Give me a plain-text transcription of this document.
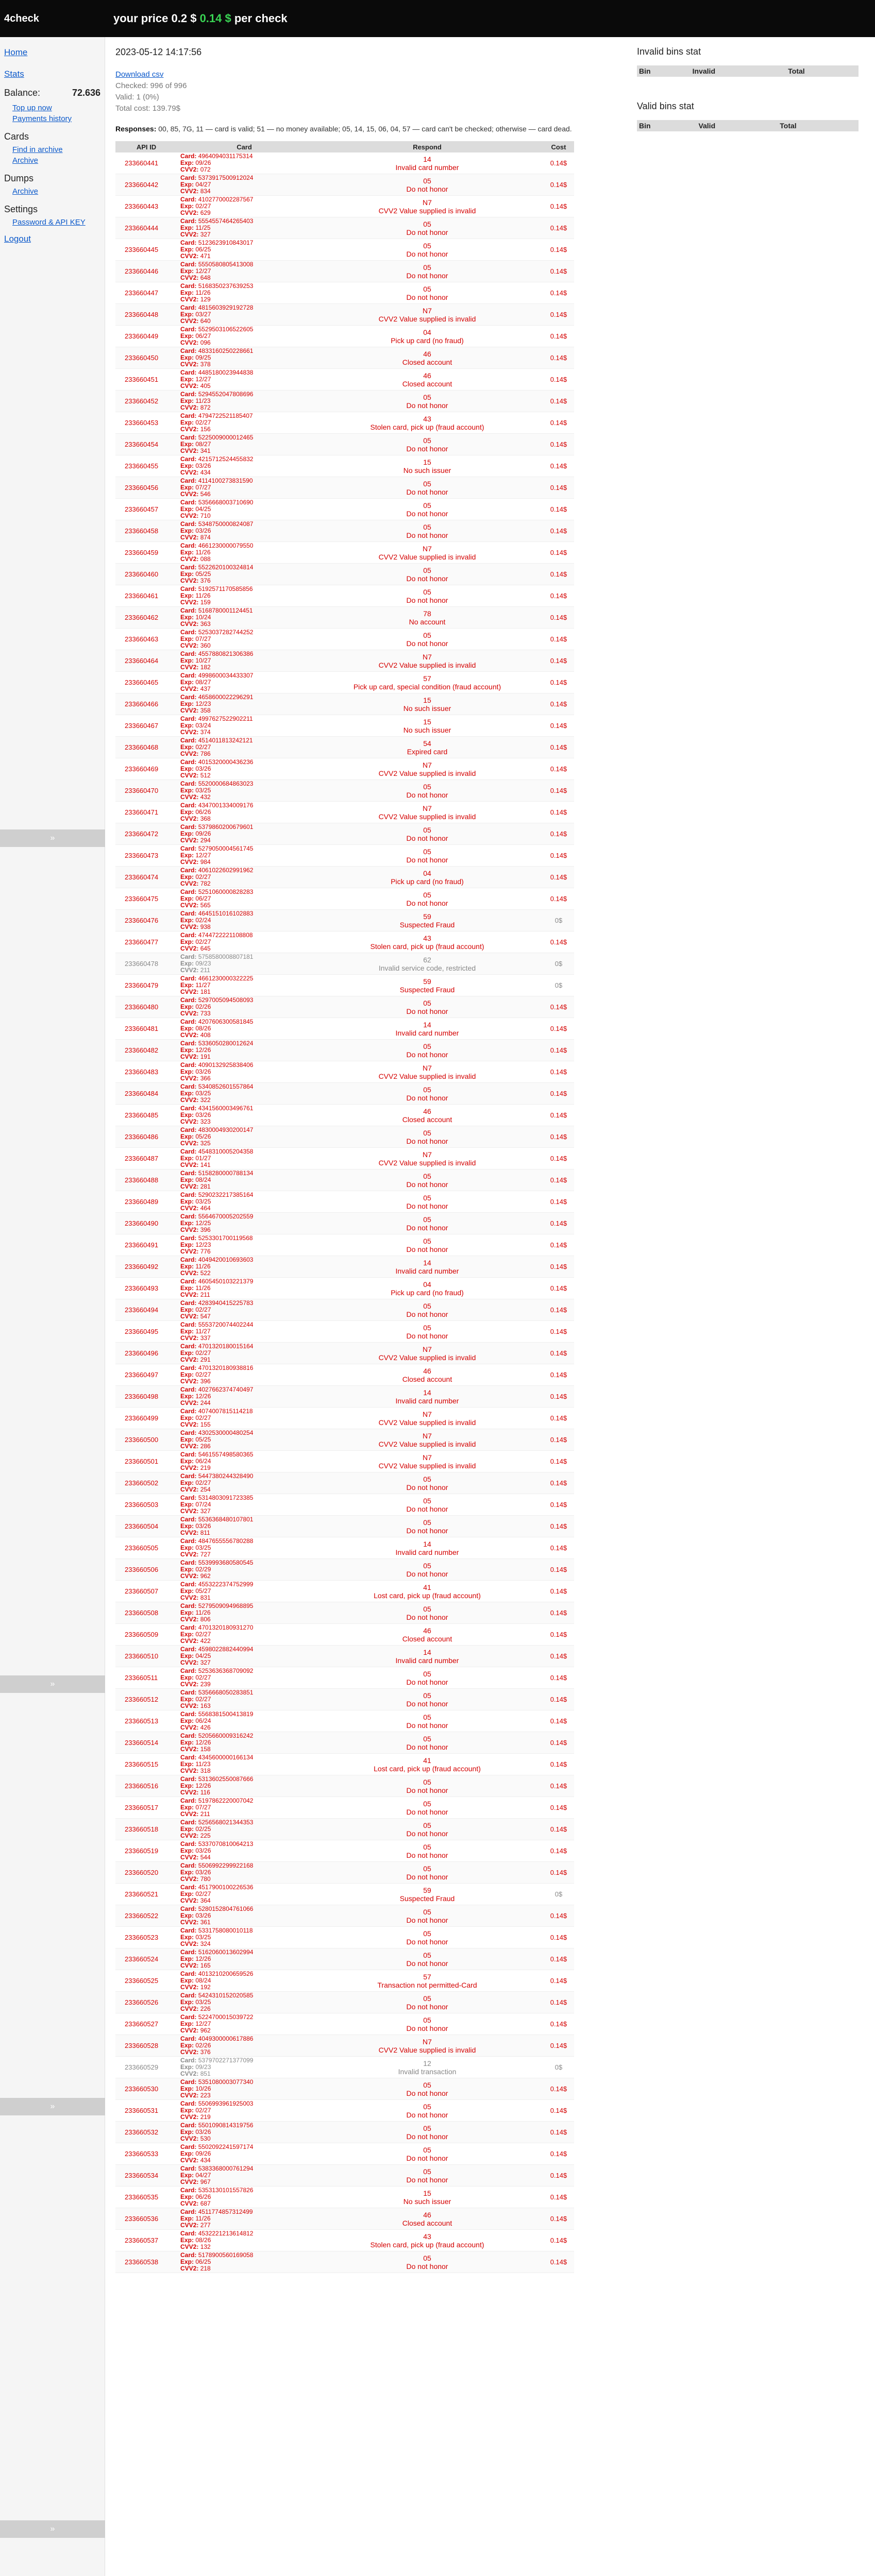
4check	your price 0.2 $ 0.14 $ per check
Home
Stats
Balance:	72.636
Top up now
Payments history
Cards
Find in archive
Archive
Dumps
Archive
Settings
Password & API KEY
Logout
»
»
»
»
2023-05-12 14:17:56
Download csv
Checked: 996 of 996
Valid: 1 (0%)
Total cost: 139.79$
Responses: 00, 85, 7G, 11 — card is valid; 51 — no money available; 05, 14, 15, 06, 04, 57 — card can't be checked; otherwise — card dead.
API ID	Card	Respond	Cost
233660441	Card: 4964094031175314
Exp: 09/26
CVV2: 072	14
Invalid card number	0.14$
233660442	Card: 5373917500912024
Exp: 04/27
CVV2: 834	05
Do not honor	0.14$
233660443	Card: 4102770002287567
Exp: 02/27
CVV2: 629	N7
CVV2 Value supplied is invalid	0.14$
233660444	Card: 5554557464265403
Exp: 11/25
CVV2: 327	05
Do not honor	0.14$
233660445	Card: 5123623910843017
Exp: 06/25
CVV2: 471	05
Do not honor	0.14$
233660446	Card: 5550580805413008
Exp: 12/27
CVV2: 648	05
Do not honor	0.14$
233660447	Card: 5168350237639253
Exp: 11/26
CVV2: 129	05
Do not honor	0.14$
233660448	Card: 4815603929192728
Exp: 03/27
CVV2: 640	N7
CVV2 Value supplied is invalid	0.14$
233660449	Card: 5529503106522605
Exp: 06/27
CVV2: 096	04
Pick up card (no fraud)	0.14$
233660450	Card: 4833160250228661
Exp: 09/25
CVV2: 378	46
Closed account	0.14$
233660451	Card: 4485180023944838
Exp: 12/27
CVV2: 405	46
Closed account	0.14$
233660452	Card: 5294552047808696
Exp: 11/23
CVV2: 872	05
Do not honor	0.14$
233660453	Card: 4794722521185407
Exp: 02/27
CVV2: 156	43
Stolen card, pick up (fraud account)	0.14$
233660454	Card: 5225009000012465
Exp: 08/27
CVV2: 341	05
Do not honor	0.14$
233660455	Card: 4215712524455832
Exp: 03/26
CVV2: 434	15
No such issuer	0.14$
233660456	Card: 4114100273831590
Exp: 07/27
CVV2: 546	05
Do not honor	0.14$
233660457	Card: 5356668003710690
Exp: 04/25
CVV2: 710	05
Do not honor	0.14$
233660458	Card: 5348750000824087
Exp: 03/26
CVV2: 874	05
Do not honor	0.14$
233660459	Card: 4661230000079550
Exp: 11/26
CVV2: 088	N7
CVV2 Value supplied is invalid	0.14$
233660460	Card: 5522620100324814
Exp: 05/25
CVV2: 376	05
Do not honor	0.14$
233660461	Card: 5192571170585856
Exp: 11/26
CVV2: 159	05
Do not honor	0.14$
233660462	Card: 5168780001124451
Exp: 10/24
CVV2: 363	78
No account	0.14$
233660463	Card: 5253037282744252
Exp: 07/27
CVV2: 360	05
Do not honor	0.14$
233660464	Card: 4557880821306386
Exp: 10/27
CVV2: 182	N7
CVV2 Value supplied is invalid	0.14$
233660465	Card: 4998600034433307
Exp: 08/27
CVV2: 437	57
Pick up card, special condition (fraud account)	0.14$
233660466	Card: 4658600022296291
Exp: 12/23
CVV2: 358	15
No such issuer	0.14$
233660467	Card: 4997627522902211
Exp: 03/24
CVV2: 374	15
No such issuer	0.14$
233660468	Card: 4514011813242121
Exp: 02/27
CVV2: 786	54
Expired card	0.14$
233660469	Card: 4015320000436236
Exp: 03/26
CVV2: 512	N7
CVV2 Value supplied is invalid	0.14$
233660470	Card: 5520000684863023
Exp: 03/25
CVV2: 432	05
Do not honor	0.14$
233660471	Card: 4347001334009176
Exp: 06/26
CVV2: 368	N7
CVV2 Value supplied is invalid	0.14$
233660472	Card: 5379860200679601
Exp: 09/26
CVV2: 294	05
Do not honor	0.14$
233660473	Card: 5279050004561745
Exp: 12/27
CVV2: 984	05
Do not honor	0.14$
233660474	Card: 4061022602991962
Exp: 02/27
CVV2: 782	04
Pick up card (no fraud)	0.14$
233660475	Card: 5251060000828283
Exp: 06/27
CVV2: 565	05
Do not honor	0.14$
233660476	Card: 4645151016102883
Exp: 02/24
CVV2: 938	59
Suspected Fraud	0$
233660477	Card: 4744722221108808
Exp: 02/27
CVV2: 645	43
Stolen card, pick up (fraud account)	0.14$
233660478	Card: 5758580008807181
Exp: 09/23
CVV2: 211	62
Invalid service code, restricted	0$
233660479	Card: 4661230000322225
Exp: 11/27
CVV2: 181	59
Suspected Fraud	0$
233660480	Card: 5297005094508093
Exp: 02/26
CVV2: 733	05
Do not honor	0.14$
233660481	Card: 4207606300581845
Exp: 08/26
CVV2: 408	14
Invalid card number	0.14$
233660482	Card: 5336050280012624
Exp: 12/26
CVV2: 191	05
Do not honor	0.14$
233660483	Card: 4090132925838406
Exp: 03/26
CVV2: 366	N7
CVV2 Value supplied is invalid	0.14$
233660484	Card: 5340852601557864
Exp: 03/25
CVV2: 322	05
Do not honor	0.14$
233660485	Card: 4341560003496761
Exp: 03/26
CVV2: 323	46
Closed account	0.14$
233660486	Card: 4830004930200147
Exp: 05/26
CVV2: 325	05
Do not honor	0.14$
233660487	Card: 4548310005204358
Exp: 01/27
CVV2: 141	N7
CVV2 Value supplied is invalid	0.14$
233660488	Card: 5158280000788134
Exp: 08/24
CVV2: 281	05
Do not honor	0.14$
233660489	Card: 5290232217385164
Exp: 03/25
CVV2: 464	05
Do not honor	0.14$
233660490	Card: 5564670005202559
Exp: 12/25
CVV2: 396	05
Do not honor	0.14$
233660491	Card: 5253301700119568
Exp: 12/23
CVV2: 776	05
Do not honor	0.14$
233660492	Card: 4049420010693603
Exp: 11/26
CVV2: 522	14
Invalid card number	0.14$
233660493	Card: 4605450103221379
Exp: 11/26
CVV2: 211	04
Pick up card (no fraud)	0.14$
233660494	Card: 4283940415225783
Exp: 02/27
CVV2: 547	05
Do not honor	0.14$
233660495	Card: 5553720074402244
Exp: 11/27
CVV2: 337	05
Do not honor	0.14$
233660496	Card: 4701320180015164
Exp: 02/27
CVV2: 291	N7
CVV2 Value supplied is invalid	0.14$
233660497	Card: 4701320180938816
Exp: 02/27
CVV2: 396	46
Closed account	0.14$
233660498	Card: 4027662374740497
Exp: 12/26
CVV2: 244	14
Invalid card number	0.14$
233660499	Card: 4074007815114218
Exp: 02/27
CVV2: 155	N7
CVV2 Value supplied is invalid	0.14$
233660500	Card: 4302530000480254
Exp: 05/25
CVV2: 286	N7
CVV2 Value supplied is invalid	0.14$
233660501	Card: 5461557498580365
Exp: 06/24
CVV2: 219	N7
CVV2 Value supplied is invalid	0.14$
233660502	Card: 5447380244328490
Exp: 02/27
CVV2: 254	05
Do not honor	0.14$
233660503	Card: 5314803091723385
Exp: 07/24
CVV2: 327	05
Do not honor	0.14$
233660504	Card: 5536368480107801
Exp: 03/26
CVV2: 811	05
Do not honor	0.14$
233660505	Card: 4847655556780288
Exp: 03/25
CVV2: 727	14
Invalid card number	0.14$
233660506	Card: 5539993680580545
Exp: 02/29
CVV2: 962	05
Do not honor	0.14$
233660507	Card: 4553222374752999
Exp: 05/27
CVV2: 831	41
Lost card, pick up (fraud account)	0.14$
233660508	Card: 5279509094968895
Exp: 11/26
CVV2: 806	05
Do not honor	0.14$
233660509	Card: 4701320180931270
Exp: 02/27
CVV2: 422	46
Closed account	0.14$
233660510	Card: 4598022882440994
Exp: 04/25
CVV2: 327	14
Invalid card number	0.14$
233660511	Card: 5253636368709092
Exp: 02/27
CVV2: 239	05
Do not honor	0.14$
233660512	Card: 5356668050283851
Exp: 02/27
CVV2: 163	05
Do not honor	0.14$
233660513	Card: 5568381500413819
Exp: 06/24
CVV2: 426	05
Do not honor	0.14$
233660514	Card: 5205660009316242
Exp: 12/26
CVV2: 158	05
Do not honor	0.14$
233660515	Card: 4345600000166134
Exp: 11/23
CVV2: 318	41
Lost card, pick up (fraud account)	0.14$
233660516	Card: 5313602550087666
Exp: 12/26
CVV2: 116	05
Do not honor	0.14$
233660517	Card: 5197862220007042
Exp: 07/27
CVV2: 211	05
Do not honor	0.14$
233660518	Card: 5256568021344353
Exp: 02/25
CVV2: 225	05
Do not honor	0.14$
233660519	Card: 5337070810064213
Exp: 03/26
CVV2: 544	05
Do not honor	0.14$
233660520	Card: 5506992299922168
Exp: 03/26
CVV2: 780	05
Do not honor	0.14$
233660521	Card: 4517900100226536
Exp: 02/27
CVV2: 364	59
Suspected Fraud	0$
233660522	Card: 5280152804761066
Exp: 03/26
CVV2: 361	05
Do not honor	0.14$
233660523	Card: 5331758080010118
Exp: 03/25
CVV2: 324	05
Do not honor	0.14$
233660524	Card: 5162060013602994
Exp: 12/26
CVV2: 165	05
Do not honor	0.14$
233660525	Card: 4013210200659526
Exp: 08/24
CVV2: 192	57
Transaction not permitted-Card	0.14$
233660526	Card: 5424310152020585
Exp: 03/25
CVV2: 226	05
Do not honor	0.14$
233660527	Card: 5224700015039722
Exp: 12/27
CVV2: 962	05
Do not honor	0.14$
233660528	Card: 4049300000617886
Exp: 02/26
CVV2: 376	N7
CVV2 Value supplied is invalid	0.14$
233660529	Card: 5379702271377099
Exp: 09/23
CVV2: 851	12
Invalid transaction	0$
233660530	Card: 5351080003077340
Exp: 10/26
CVV2: 223	05
Do not honor	0.14$
233660531	Card: 5506993961925003
Exp: 02/27
CVV2: 219	05
Do not honor	0.14$
233660532	Card: 5501090814319756
Exp: 03/26
CVV2: 530	05
Do not honor	0.14$
233660533	Card: 5502092241597174
Exp: 09/26
CVV2: 434	05
Do not honor	0.14$
233660534	Card: 5383368000761294
Exp: 04/27
CVV2: 967	05
Do not honor	0.14$
233660535	Card: 5353130101557826
Exp: 06/26
CVV2: 687	15
No such issuer	0.14$
233660536	Card: 4511774857312499
Exp: 11/26
CVV2: 277	46
Closed account	0.14$
233660537	Card: 4532221213614812
Exp: 08/26
CVV2: 132	43
Stolen card, pick up (fraud account)	0.14$
233660538	Card: 5178900560169058
Exp: 06/25
CVV2: 218	05
Do not honor	0.14$
Invalid bins stat
Bin	Invalid	Total
Valid bins stat
Bin	Valid	Total
